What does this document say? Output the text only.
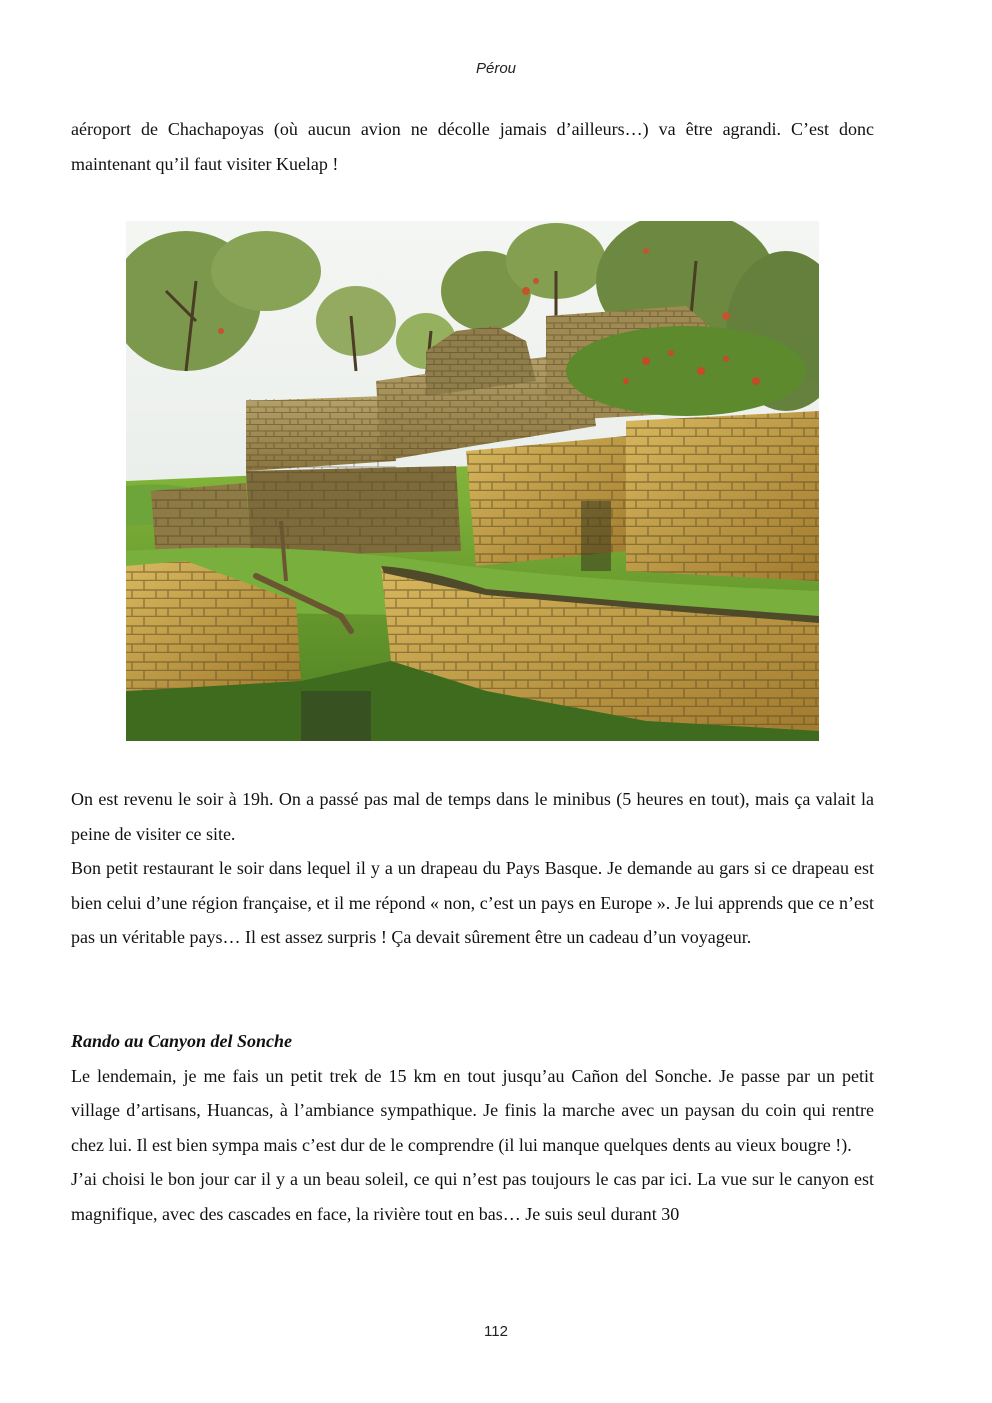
Pérou

aéroport de Chachapoyas (où aucun avion ne décolle jamais d’ailleurs…) va être agrandi. C’est donc maintenant qu’il faut visiter Kuelap !

On est revenu le soir à 19h. On a passé pas mal de temps dans le minibus (5 heures en tout), mais ça valait la peine de visiter ce site.

Bon petit restaurant le soir dans lequel il y a un drapeau du Pays Basque. Je demande au gars si ce drapeau est bien celui d’une région française, et il me répond « non, c’est un pays en Europe ». Je lui apprends que ce n’est pas un véritable pays… Il est assez surpris ! Ça devait sûrement être un cadeau d’un voyageur.

Rando au Canyon del Sonche

Le lendemain, je me fais un petit trek de 15 km en tout jusqu’au Cañon del Sonche. Je passe par un petit village d’artisans, Huancas, à l’ambiance sympathique. Je finis la marche avec un paysan du coin qui rentre chez lui. Il est bien sympa mais c’est dur de le comprendre (il lui manque quelques dents au vieux bougre !).

J’ai choisi le bon jour car il y a un beau soleil, ce qui n’est pas toujours le cas par ici. La vue sur le canyon est magnifique, avec des cascades en face, la rivière tout en bas… Je suis seul durant 30

112
